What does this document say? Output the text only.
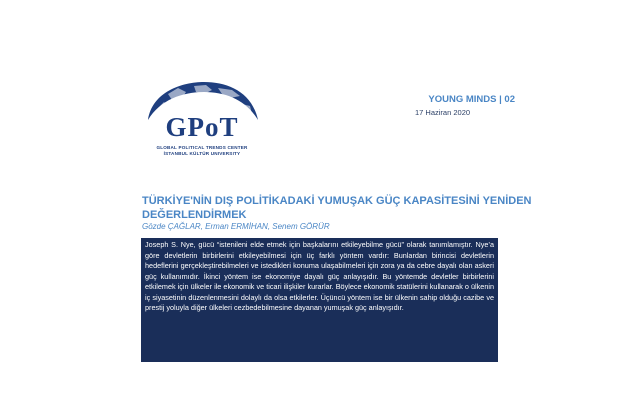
GPoT
GLOBAL POLITICAL TRENDS CENTER
İSTANBUL KÜLTÜR UNIVERSITY
YOUNG MINDS | 02
17 Haziran 2020
TÜRKİYE'NİN DIŞ POLİTİKADAKİ YUMUŞAK GÜÇ KAPASİTESİNİ YENİDEN DEĞERLENDİRMEK
Gözde ÇAĞLAR, Erman ERMİHAN, Senem GÖRÜR
Joseph S. Nye, gücü “istenileni elde etmek için başkalarını etkileyebilme gücü” olarak tanımlamıştır. Nye’a göre devletlerin birbirlerini etkileyebilmesi için üç farklı yöntem vardır: Bunlardan birincisi devletlerin hedeflerini gerçekleştirebilmeleri ve istedikleri konuma ulaşabilmeleri için zora ya da cebre dayalı olan askeri güç kullanımıdır. İkinci yöntem ise ekonomiye dayalı güç anlayışıdır. Bu yöntemde devletler birbirlerini etkilemek için ülkeler ile ekonomik ve ticari ilişkiler kurarlar. Böylece ekonomik statülerini kullanarak o ülkenin iç siyasetinin düzenlenmesini dolaylı da olsa etkilerler. Üçüncü yöntem ise bir ülkenin sahip olduğu cazibe ve prestij yoluyla diğer ülkeleri cezbedebilmesine dayanan yumuşak güç anlayışıdır.
